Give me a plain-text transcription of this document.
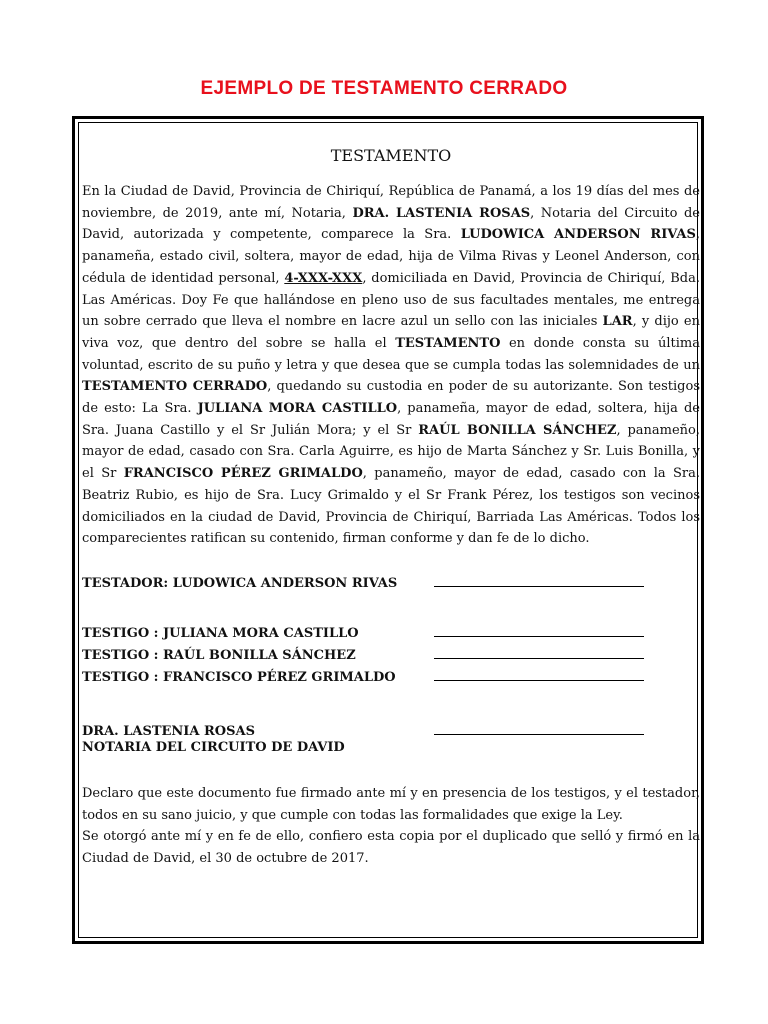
EJEMPLO DE TESTAMENTO CERRADO
TESTAMENTO

En la Ciudad de David, Provincia de Chiriquí, República de Panamá, a los 19 días del mes de noviembre, de 2019, ante mí, Notaria, DRA. LASTENIA ROSAS, Notaria del Circuito de David, autorizada y competente, comparece la Sra. LUDOWICA ANDERSON RIVAS, panameña, estado civil, soltera, mayor de edad, hija de Vilma Rivas y Leonel Anderson, con cédula de identidad personal, 4-XXX-XXX, domiciliada en David, Provincia de Chiriquí, Bda. Las Américas. Doy Fe que hallándose en pleno uso de sus facultades mentales, me entrega un sobre cerrado que lleva el nombre en lacre azul un sello con las iniciales LAR, y dijo en viva voz, que dentro del sobre se halla el TESTAMENTO en donde consta su última voluntad, escrito de su puño y letra y que desea que se cumpla todas las solemnidades de un TESTAMENTO CERRADO, quedando su custodia en poder de su autorizante. Son testigos de esto: La Sra. JULIANA MORA CASTILLO, panameña, mayor de edad, soltera, hija de Sra. Juana Castillo y el Sr Julián Mora; y el Sr RAÚL BONILLA SÁNCHEZ, panameño, mayor de edad, casado con Sra. Carla Aguirre, es hijo de Marta Sánchez y Sr. Luis Bonilla, y el Sr FRANCISCO PÉREZ GRIMALDO, panameño, mayor de edad, casado con la Sra. Beatriz Rubio, es hijo de Sra. Lucy Grimaldo y el Sr Frank Pérez, los testigos son vecinos domiciliados en la ciudad de David, Provincia de Chiriquí, Barriada Las Américas. Todos los comparecientes ratifican su contenido, firman conforme y dan fe de lo dicho.

TESTADOR: LUDOWICA ANDERSON RIVAS
TESTIGO : JULIANA MORA CASTILLO
TESTIGO : RAÚL BONILLA SÁNCHEZ
TESTIGO : FRANCISCO PÉREZ GRIMALDO
DRA. LASTENIA ROSAS
NOTARIA DEL CIRCUITO DE DAVID

Declaro que este documento fue firmado ante mí y en presencia de los testigos, y el testador, todos en su sano juicio, y que cumple con todas las formalidades que exige la Ley.

Se otorgó ante mí y en fe de ello, confiero esta copia por el duplicado que selló y firmó en la Ciudad de David, el 30 de octubre de 2017.
